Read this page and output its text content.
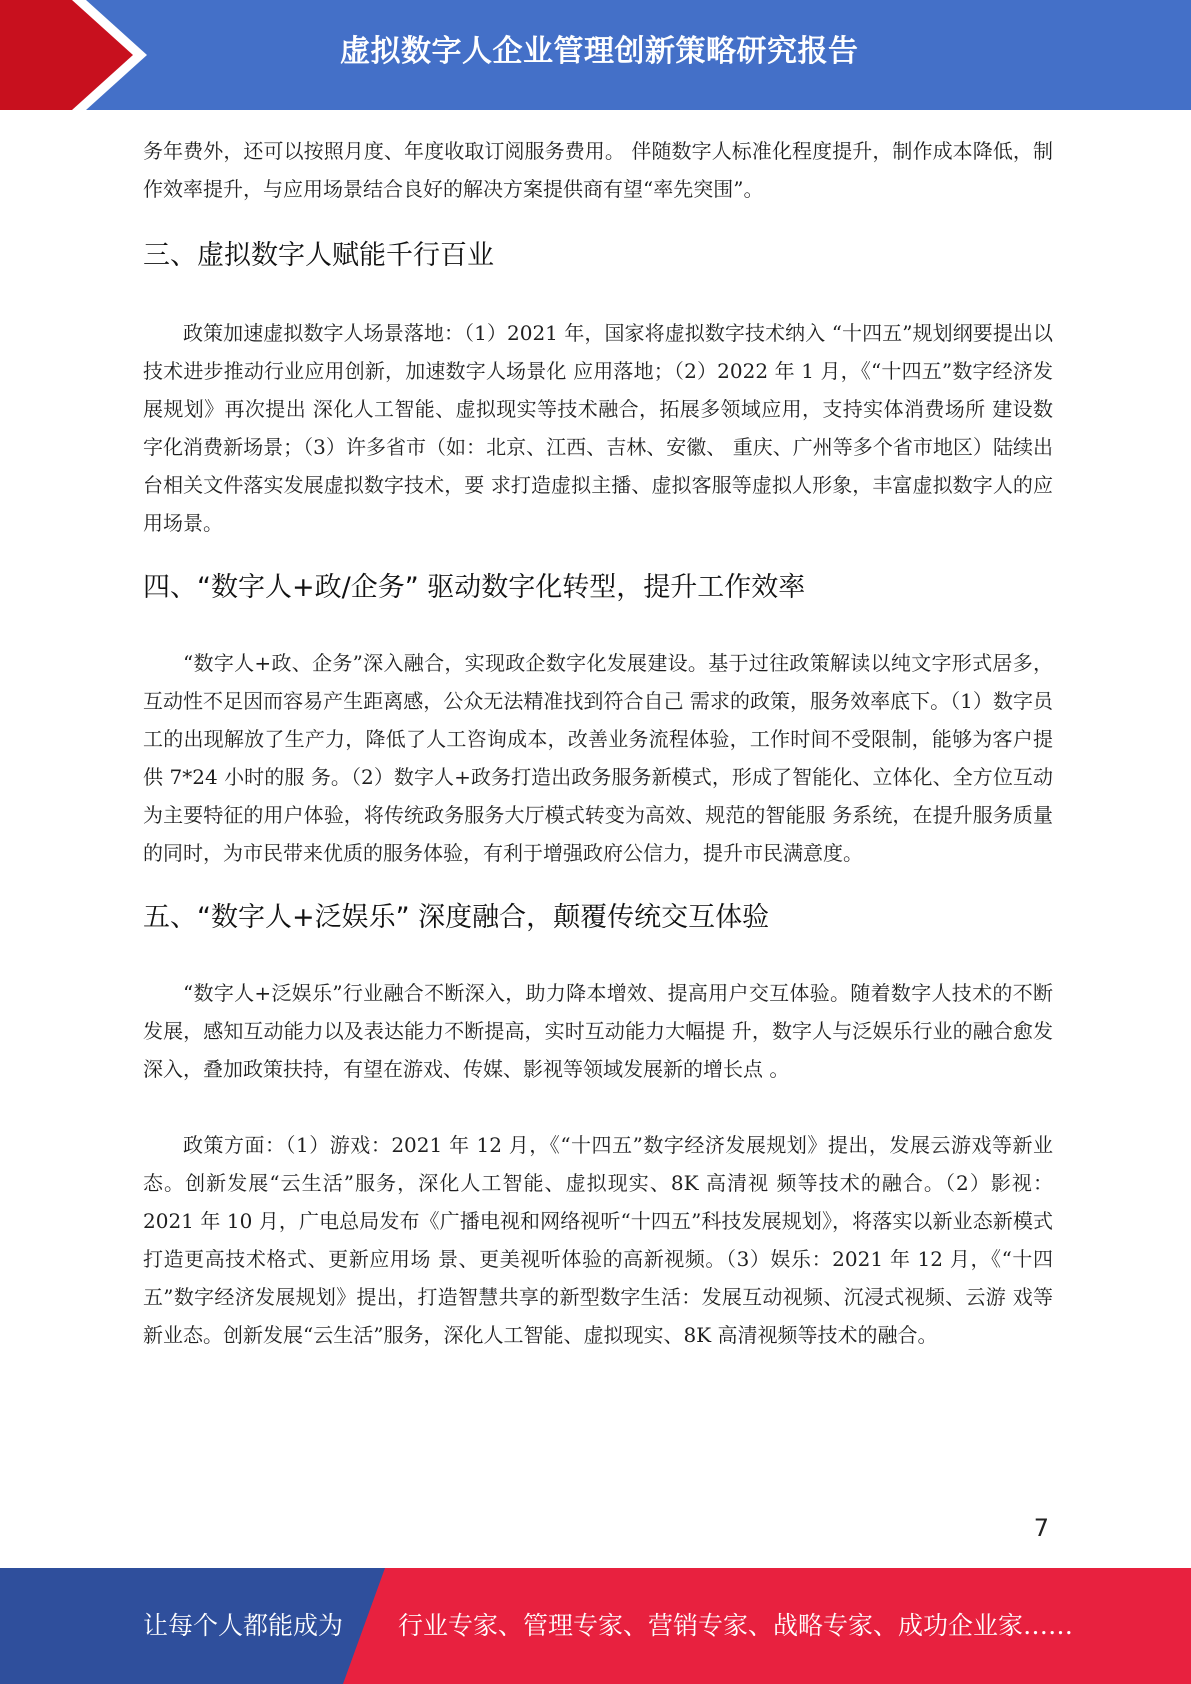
虚拟数字人企业管理创新策略研究报告

务年费外，还可以按照月度、年度收取订阅服务费用。 伴随数字人标准化程度提升，制作成本降低，制作效率提升，与应用场景结合良好的解决方案提供商有望“率先突围”。

三、虚拟数字人赋能千行百业

政策加速虚拟数字人场景落地：（1）2021 年，国家将虚拟数字技术纳入 “十四五”规划纲要提出以技术进步推动行业应用创新，加速数字人场景化 应用落地；（2）2022 年 1 月，《“十四五”数字经济发展规划》再次提出 深化人工智能、虚拟现实等技术融合，拓展多领域应用，支持实体消费场所 建设数字化消费新场景；（3）许多省市（如：北京、江西、吉林、安徽、 重庆、广州等多个省市地区）陆续出台相关文件落实发展虚拟数字技术，要 求打造虚拟主播、虚拟客服等虚拟人形象，丰富虚拟数字人的应用场景。

四、“数字人+政/企务” 驱动数字化转型，提升工作效率

“数字人+政、企务”深入融合，实现政企数字化发展建设。基于过往政策解读以纯文字形式居多，互动性不足因而容易产生距离感，公众无法精准找到符合自己 需求的政策，服务效率底下。（1）数字员工的出现解放了生产力，降低了人工咨询成本，改善业务流程体验，工作时间不受限制，能够为客户提供 7*24 小时的服 务。（2）数字人+政务打造出政务服务新模式，形成了智能化、立体化、全方位互动为主要特征的用户体验，将传统政务服务大厅模式转变为高效、规范的智能服 务系统，在提升服务质量的同时，为市民带来优质的服务体验，有利于增强政府公信力，提升市民满意度。

五、“数字人+泛娱乐” 深度融合，颠覆传统交互体验

“数字人+泛娱乐”行业融合不断深入，助力降本增效、提高用户交互体验。随着数字人技术的不断发展，感知互动能力以及表达能力不断提高，实时互动能力大幅提 升，数字人与泛娱乐行业的融合愈发深入，叠加政策扶持，有望在游戏、传媒、影视等领域发展新的增长点 。

政策方面：（1）游戏：2021 年 12 月，《“十四五”数字经济发展规划》提出，发展云游戏等新业态。创新发展“云生活”服务，深化人工智能、虚拟现实、8K 高清视 频等技术的融合。（2）影视：2021 年 10 月，广电总局发布《广播电视和网络视听“十四五”科技发展规划》，将落实以新业态新模式打造更高技术格式、更新应用场 景、更美视听体验的高新视频。（3）娱乐：2021 年 12 月，《“十四五”数字经济发展规划》提出，打造智慧共享的新型数字生活：发展互动视频、沉浸式视频、云游 戏等新业态。创新发展“云生活”服务，深化人工智能、虚拟现实、8K 高清视频等技术的融合。

7
让每个人都能成为 行业专家、管理专家、营销专家、战略专家、成功企业家……
